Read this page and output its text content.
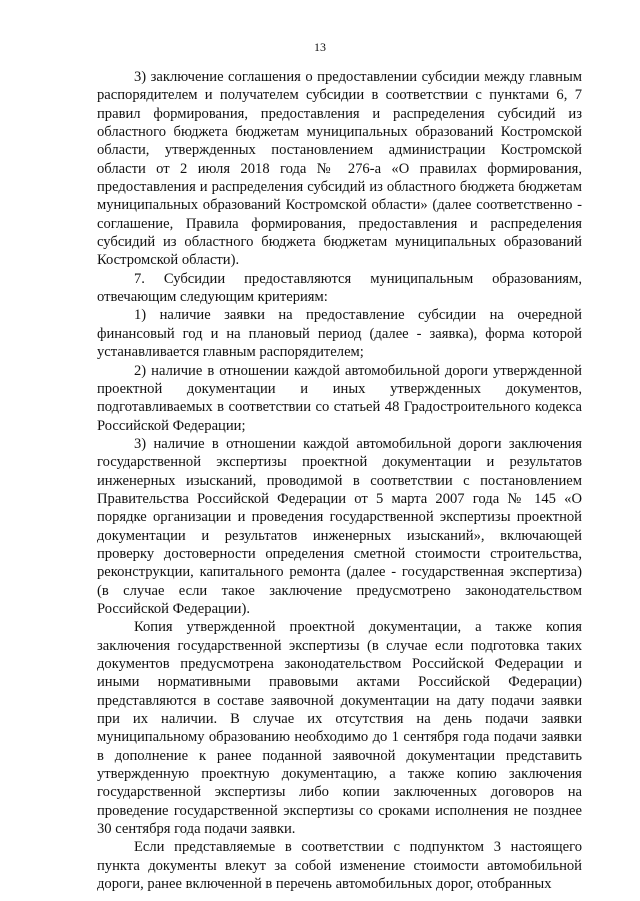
13

3) заключение соглашения о предоставлении субсидии между главным распорядителем и получателем субсидии в соответствии с пунктами 6, 7 правил формирования, предоставления и распределения субсидий из областного бюджета бюджетам муниципальных образований Костромской области, утвержденных постановлением администрации Костромской области от 2 июля 2018 года № 276-а «О правилах формирования, предоставления и распределения субсидий из областного бюджета бюджетам муниципальных образований Костромской области» (далее соответственно - соглашение, Правила формирования, предоставления и распределения субсидий из областного бюджета бюджетам муниципальных образований Костромской области).

7. Субсидии предоставляются муниципальным образованиям, отвечающим следующим критериям:

1) наличие заявки на предоставление субсидии на очередной финансовый год и на плановый период (далее - заявка), форма которой устанавливается главным распорядителем;

2) наличие в отношении каждой автомобильной дороги утвержденной проектной документации и иных утвержденных документов, подготавливаемых в соответствии со статьей 48 Градостроительного кодекса Российской Федерации;

3) наличие в отношении каждой автомобильной дороги заключения государственной экспертизы проектной документации и результатов инженерных изысканий, проводимой в соответствии с постановлением Правительства Российской Федерации от 5 марта 2007 года № 145 «О порядке организации и проведения государственной экспертизы проектной документации и результатов инженерных изысканий», включающей проверку достоверности определения сметной стоимости строительства, реконструкции, капитального ремонта (далее - государственная экспертиза) (в случае если такое заключение предусмотрено законодательством Российской Федерации).

Копия утвержденной проектной документации, а также копия заключения государственной экспертизы (в случае если подготовка таких документов предусмотрена законодательством Российской Федерации и иными нормативными правовыми актами Российской Федерации) представляются в составе заявочной документации на дату подачи заявки при их наличии. В случае их отсутствия на день подачи заявки муниципальному образованию необходимо до 1 сентября года подачи заявки в дополнение к ранее поданной заявочной документации представить утвержденную проектную документацию, а также копию заключения государственной экспертизы либо копии заключенных договоров на проведение государственной экспертизы со сроками исполнения не позднее 30 сентября года подачи заявки.

Если представляемые в соответствии с подпунктом 3 настоящего пункта документы влекут за собой изменение стоимости автомобильной дороги, ранее включенной в перечень автомобильных дорог, отобранных
